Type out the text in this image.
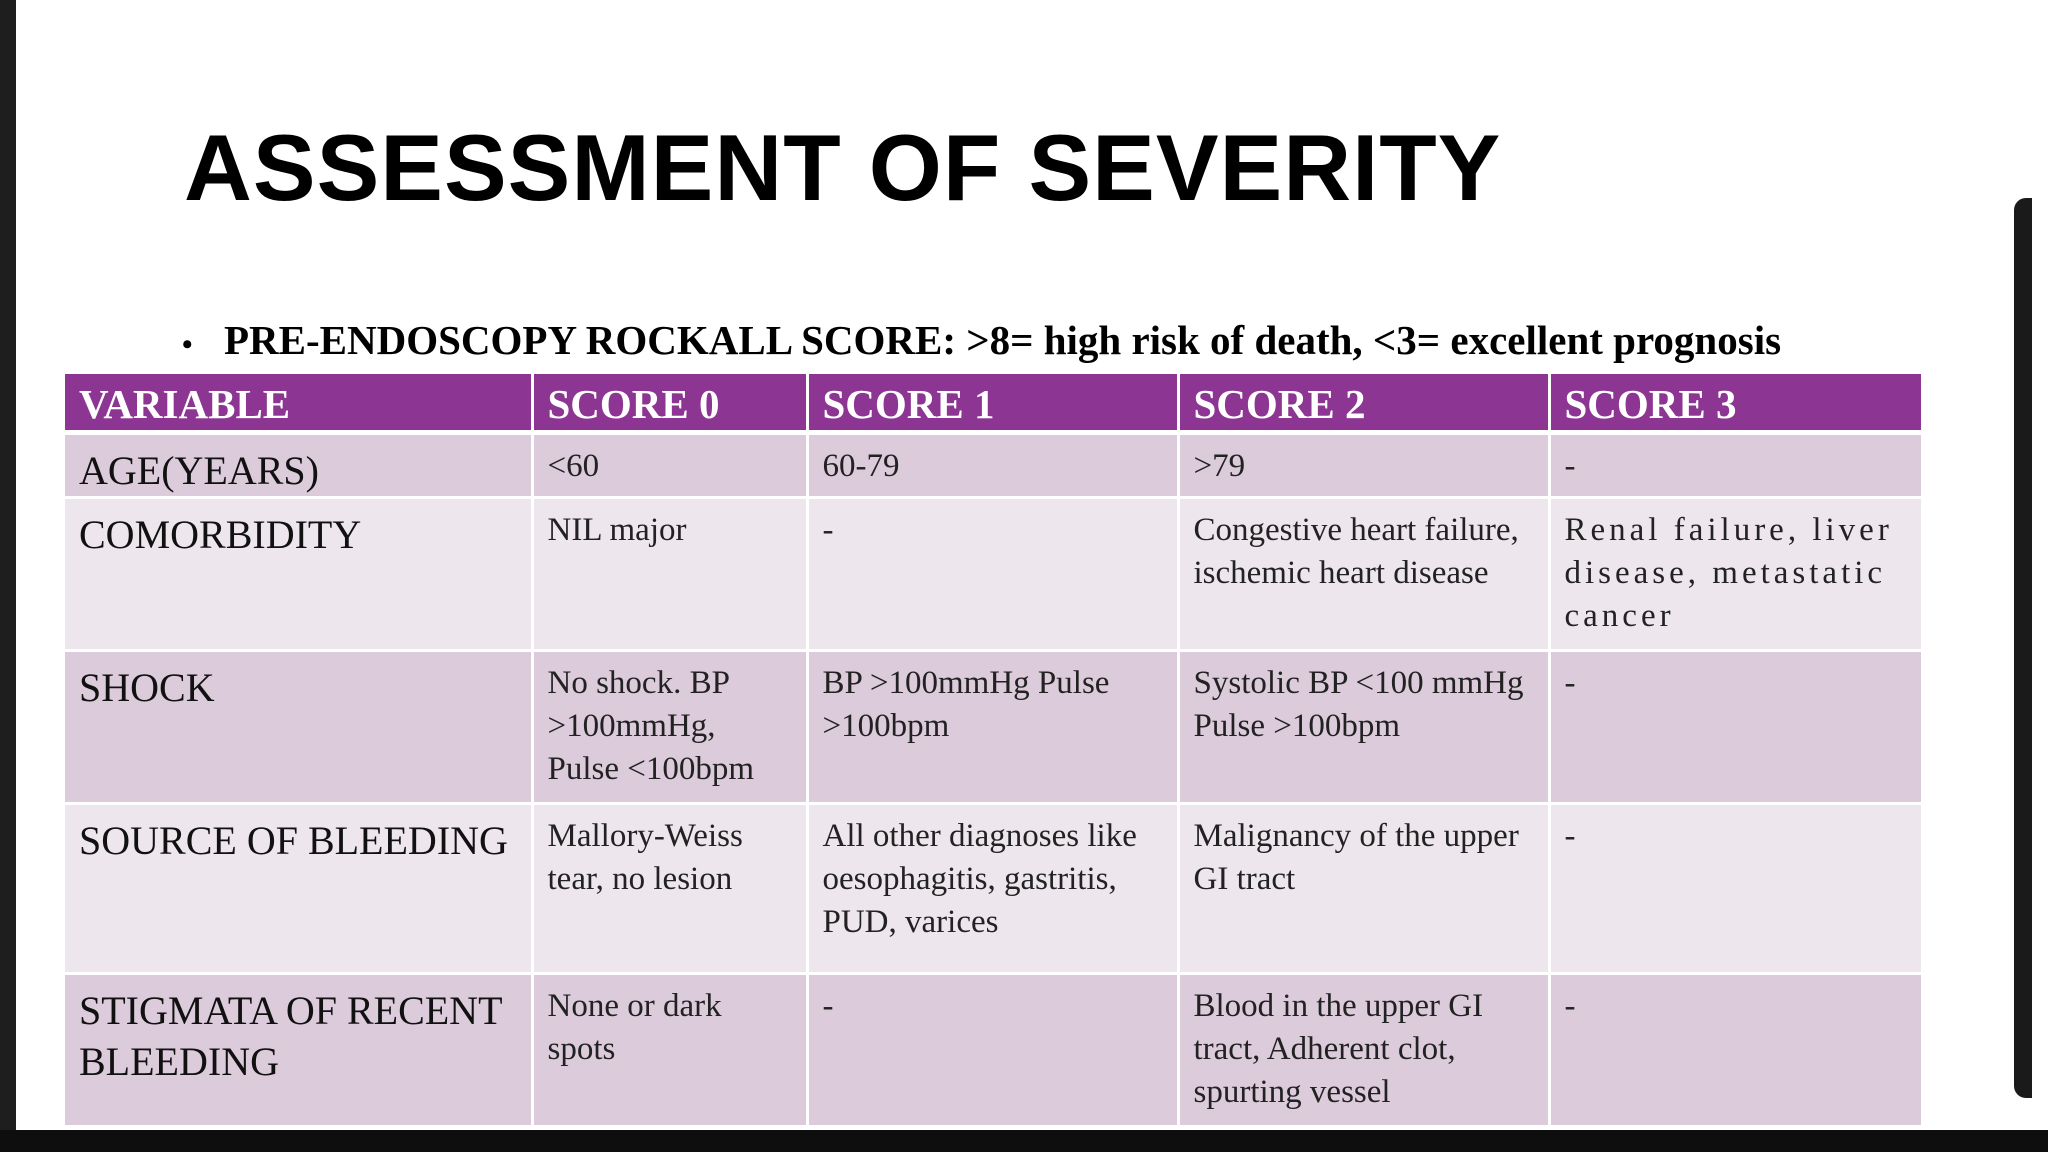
ASSESSMENT OF SEVERITY
• PRE-ENDOSCOPY ROCKALL SCORE: >8= high risk of death, <3= excellent prognosis
VARIABLE	SCORE 0	SCORE 1	SCORE 2	SCORE 3
AGE(YEARS)	<60	60-79	>79	-
COMORBIDITY	NIL major	-	Congestive heart failure, ischemic heart disease	Renal failure, liver disease, metastatic cancer
SHOCK	No shock. BP >100mmHg, Pulse <100bpm	BP >100mmHg Pulse >100bpm	Systolic BP <100 mmHg Pulse >100bpm	-
SOURCE OF BLEEDING	Mallory-Weiss tear, no lesion	All other diagnoses like oesophagitis, gastritis, PUD, varices	Malignancy of the upper GI tract	-
STIGMATA OF RECENT BLEEDING	None or dark spots	-	Blood in the upper GI tract, Adherent clot, spurting vessel	-
